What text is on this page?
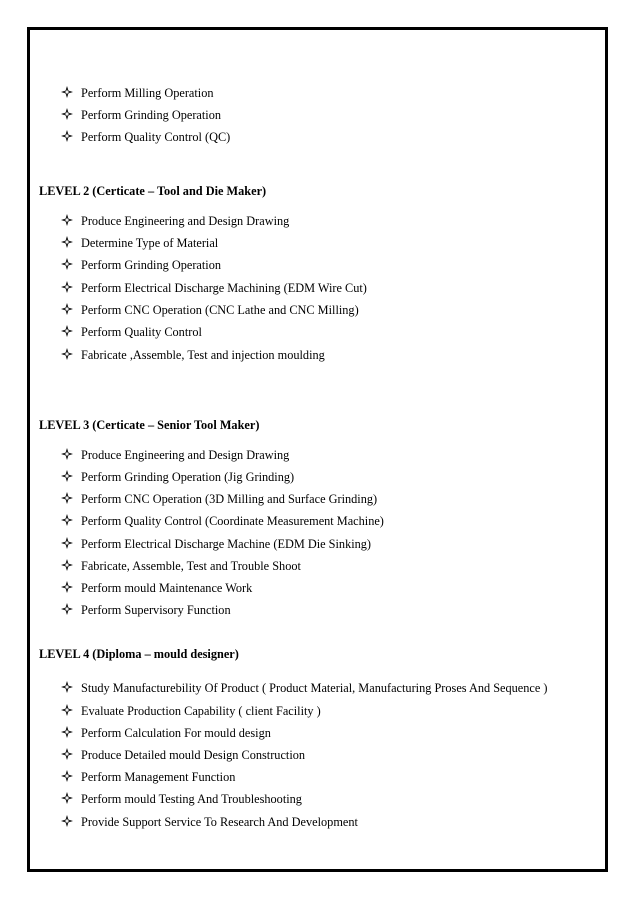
Perform Milling Operation
Perform Grinding Operation
Perform Quality Control (QC)
LEVEL 2 (Certicate – Tool and Die Maker)
Produce Engineering and Design Drawing
Determine Type of Material
Perform Grinding Operation
Perform Electrical Discharge Machining (EDM Wire Cut)
Perform CNC Operation (CNC Lathe and CNC Milling)
Perform Quality Control
Fabricate ,Assemble, Test and injection moulding
LEVEL 3 (Certicate – Senior Tool Maker)
Produce Engineering and Design Drawing
Perform Grinding Operation (Jig Grinding)
Perform CNC Operation (3D Milling and Surface Grinding)
Perform Quality Control (Coordinate Measurement Machine)
Perform Electrical Discharge Machine (EDM Die Sinking)
Fabricate, Assemble, Test and Trouble Shoot
Perform mould Maintenance Work
Perform Supervisory Function
LEVEL 4 (Diploma – mould designer)
Study Manufacturebility Of Product ( Product Material, Manufacturing Proses And Sequence )
Evaluate Production Capability ( client Facility )
Perform Calculation For mould design
Produce Detailed mould Design Construction
Perform Management Function
Perform mould Testing And Troubleshooting
Provide Support Service To Research And Development
